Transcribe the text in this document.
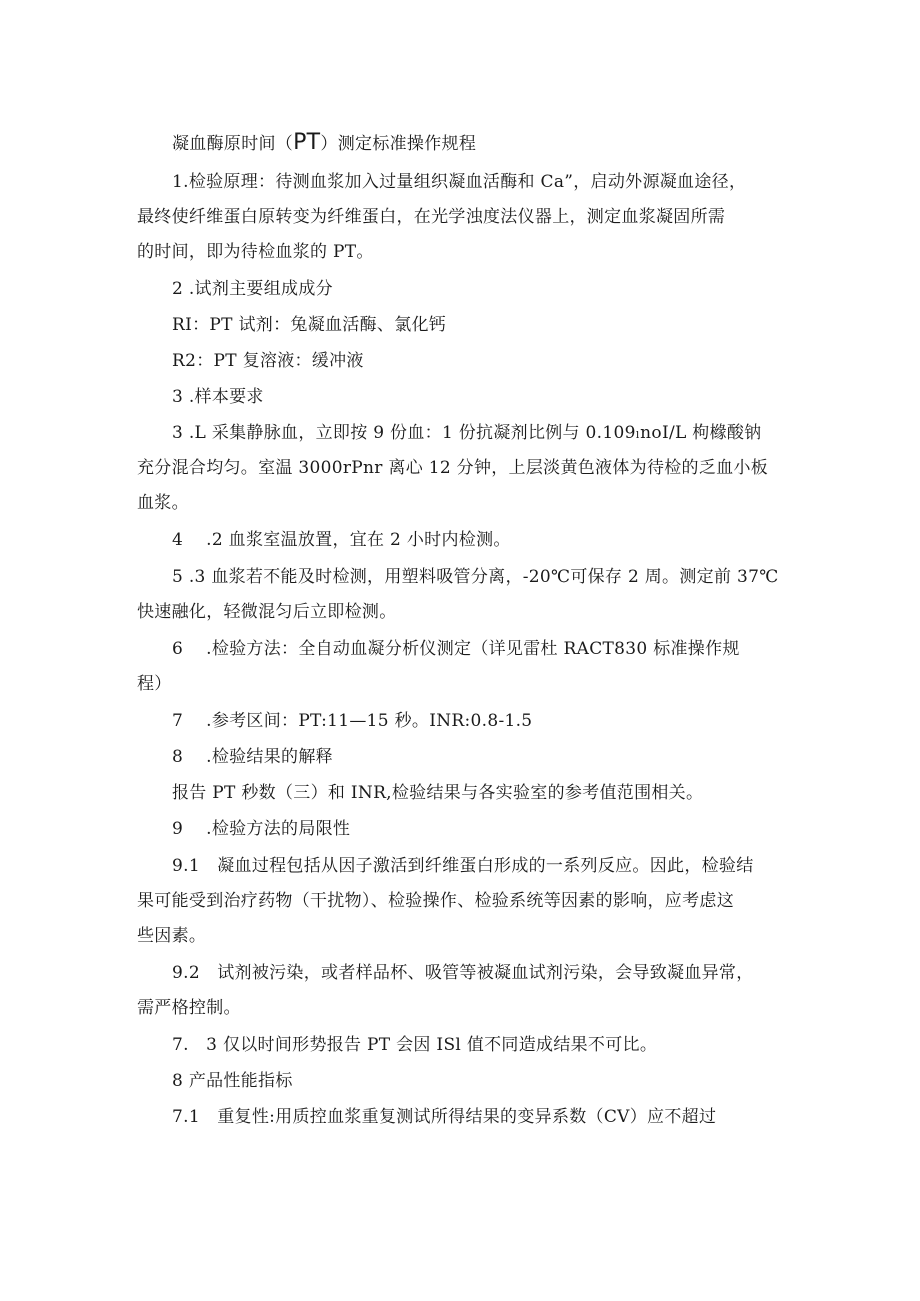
凝血酶原时间（PT）测定标准操作规程
1.检验原理：待测血浆加入过量组织凝血活酶和 Ca”，启动外源凝血途径，
最终使纤维蛋白原转变为纤维蛋白，在光学浊度法仪器上，测定血浆凝固所需
的时间，即为待检血浆的 PT。
2 .试剂主要组成成分
RI：PT 试剂：兔凝血活酶、氯化钙
R2：PT 复溶液：缓冲液
3 .样本要求
3 .L 采集静脉血，立即按 9 份血：1 份抗凝剂比例与 0.109ₗnoI/L 枸橼酸钠
充分混合均匀。室温 3000rPnr 离心 12 分钟，上层淡黄色液体为待检的乏血小板
血浆。
4　 .2 血浆室温放置，宜在 2 小时内检测。
5 .3 血浆若不能及时检测，用塑料吸管分离，-20℃可保存 2 周。测定前 37℃
快速融化，轻微混匀后立即检测。
6　 .检验方法：全自动血凝分析仪测定（详见雷杜 RACT830 标准操作规
程）
7　 .参考区间：PT:11—15 秒。INR:0.8-1.5
8　 .检验结果的解释
报告 PT 秒数（三）和 INR,检验结果与各实验室的参考值范围相关。
9　 .检验方法的局限性
9.1　凝血过程包括从因子激活到纤维蛋白形成的一系列反应。因此，检验结
果可能受到治疗药物（干扰物）、检验操作、检验系统等因素的影响，应考虑这
些因素。
9.2　试剂被污染，或者样品杯、吸管等被凝血试剂污染，会导致凝血异常，
需严格控制。
7.　3 仅以时间形势报告 PT 会因 ISl 值不同造成结果不可比。
8 产品性能指标
7.1　重复性:用质控血浆重复测试所得结果的变异系数（CV）应不超过
